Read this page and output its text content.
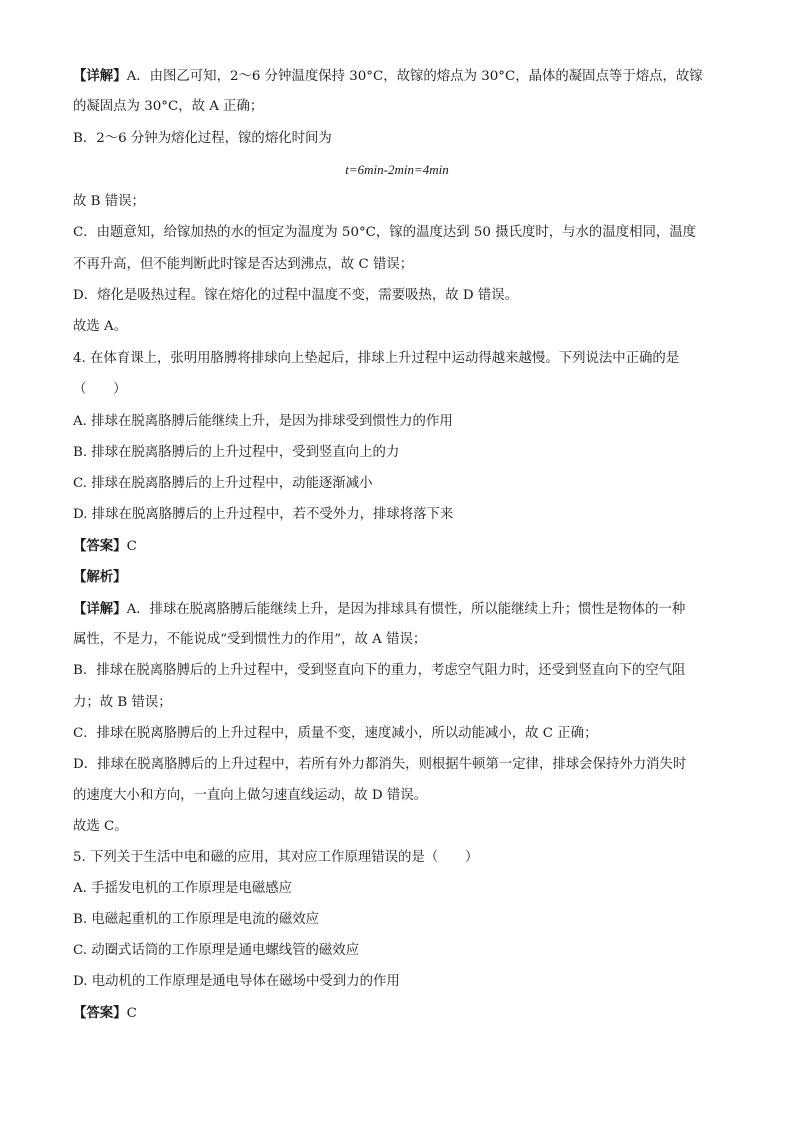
【详解】A．由图乙可知，2～6 分钟温度保持 30°C，故镓的熔点为 30°C，晶体的凝固点等于熔点，故镓
的凝固点为 30°C，故 A 正确；
B．2～6 分钟为熔化过程，镓的熔化时间为
t=6min-2min=4min
故 B 错误；
C．由题意知，给镓加热的水的恒定为温度为 50°C，镓的温度达到 50 摄氏度时，与水的温度相同，温度
不再升高，但不能判断此时镓是否达到沸点，故 C 错误；
D．熔化是吸热过程。镓在熔化的过程中温度不变，需要吸热，故 D 错误。
故选 A。
4. 在体育课上，张明用胳膊将排球向上垫起后，排球上升过程中运动得越来越慢。下列说法中正确的是
（　　）
A. 排球在脱离胳膊后能继续上升，是因为排球受到惯性力的作用
B. 排球在脱离胳膊后的上升过程中，受到竖直向上的力
C. 排球在脱离胳膊后的上升过程中，动能逐渐减小
D. 排球在脱离胳膊后的上升过程中，若不受外力，排球将落下来
【答案】C
【解析】
【详解】A．排球在脱离胳膊后能继续上升，是因为排球具有惯性，所以能继续上升；惯性是物体的一种
属性，不是力，不能说成“受到惯性力的作用”，故 A 错误；
B．排球在脱离胳膊后的上升过程中，受到竖直向下的重力，考虑空气阻力时，还受到竖直向下的空气阻
力；故 B 错误；
C．排球在脱离胳膊后的上升过程中，质量不变，速度减小，所以动能减小，故 C 正确；
D．排球在脱离胳膊后的上升过程中，若所有外力都消失，则根据牛顿第一定律，排球会保持外力消失时
的速度大小和方向，一直向上做匀速直线运动，故 D 错误。
故选 C。
5. 下列关于生活中电和磁的应用，其对应工作原理错误的是（　　）
A. 手摇发电机的工作原理是电磁感应
B. 电磁起重机的工作原理是电流的磁效应
C. 动圈式话筒的工作原理是通电螺线管的磁效应
D. 电动机的工作原理是通电导体在磁场中受到力的作用
【答案】C
